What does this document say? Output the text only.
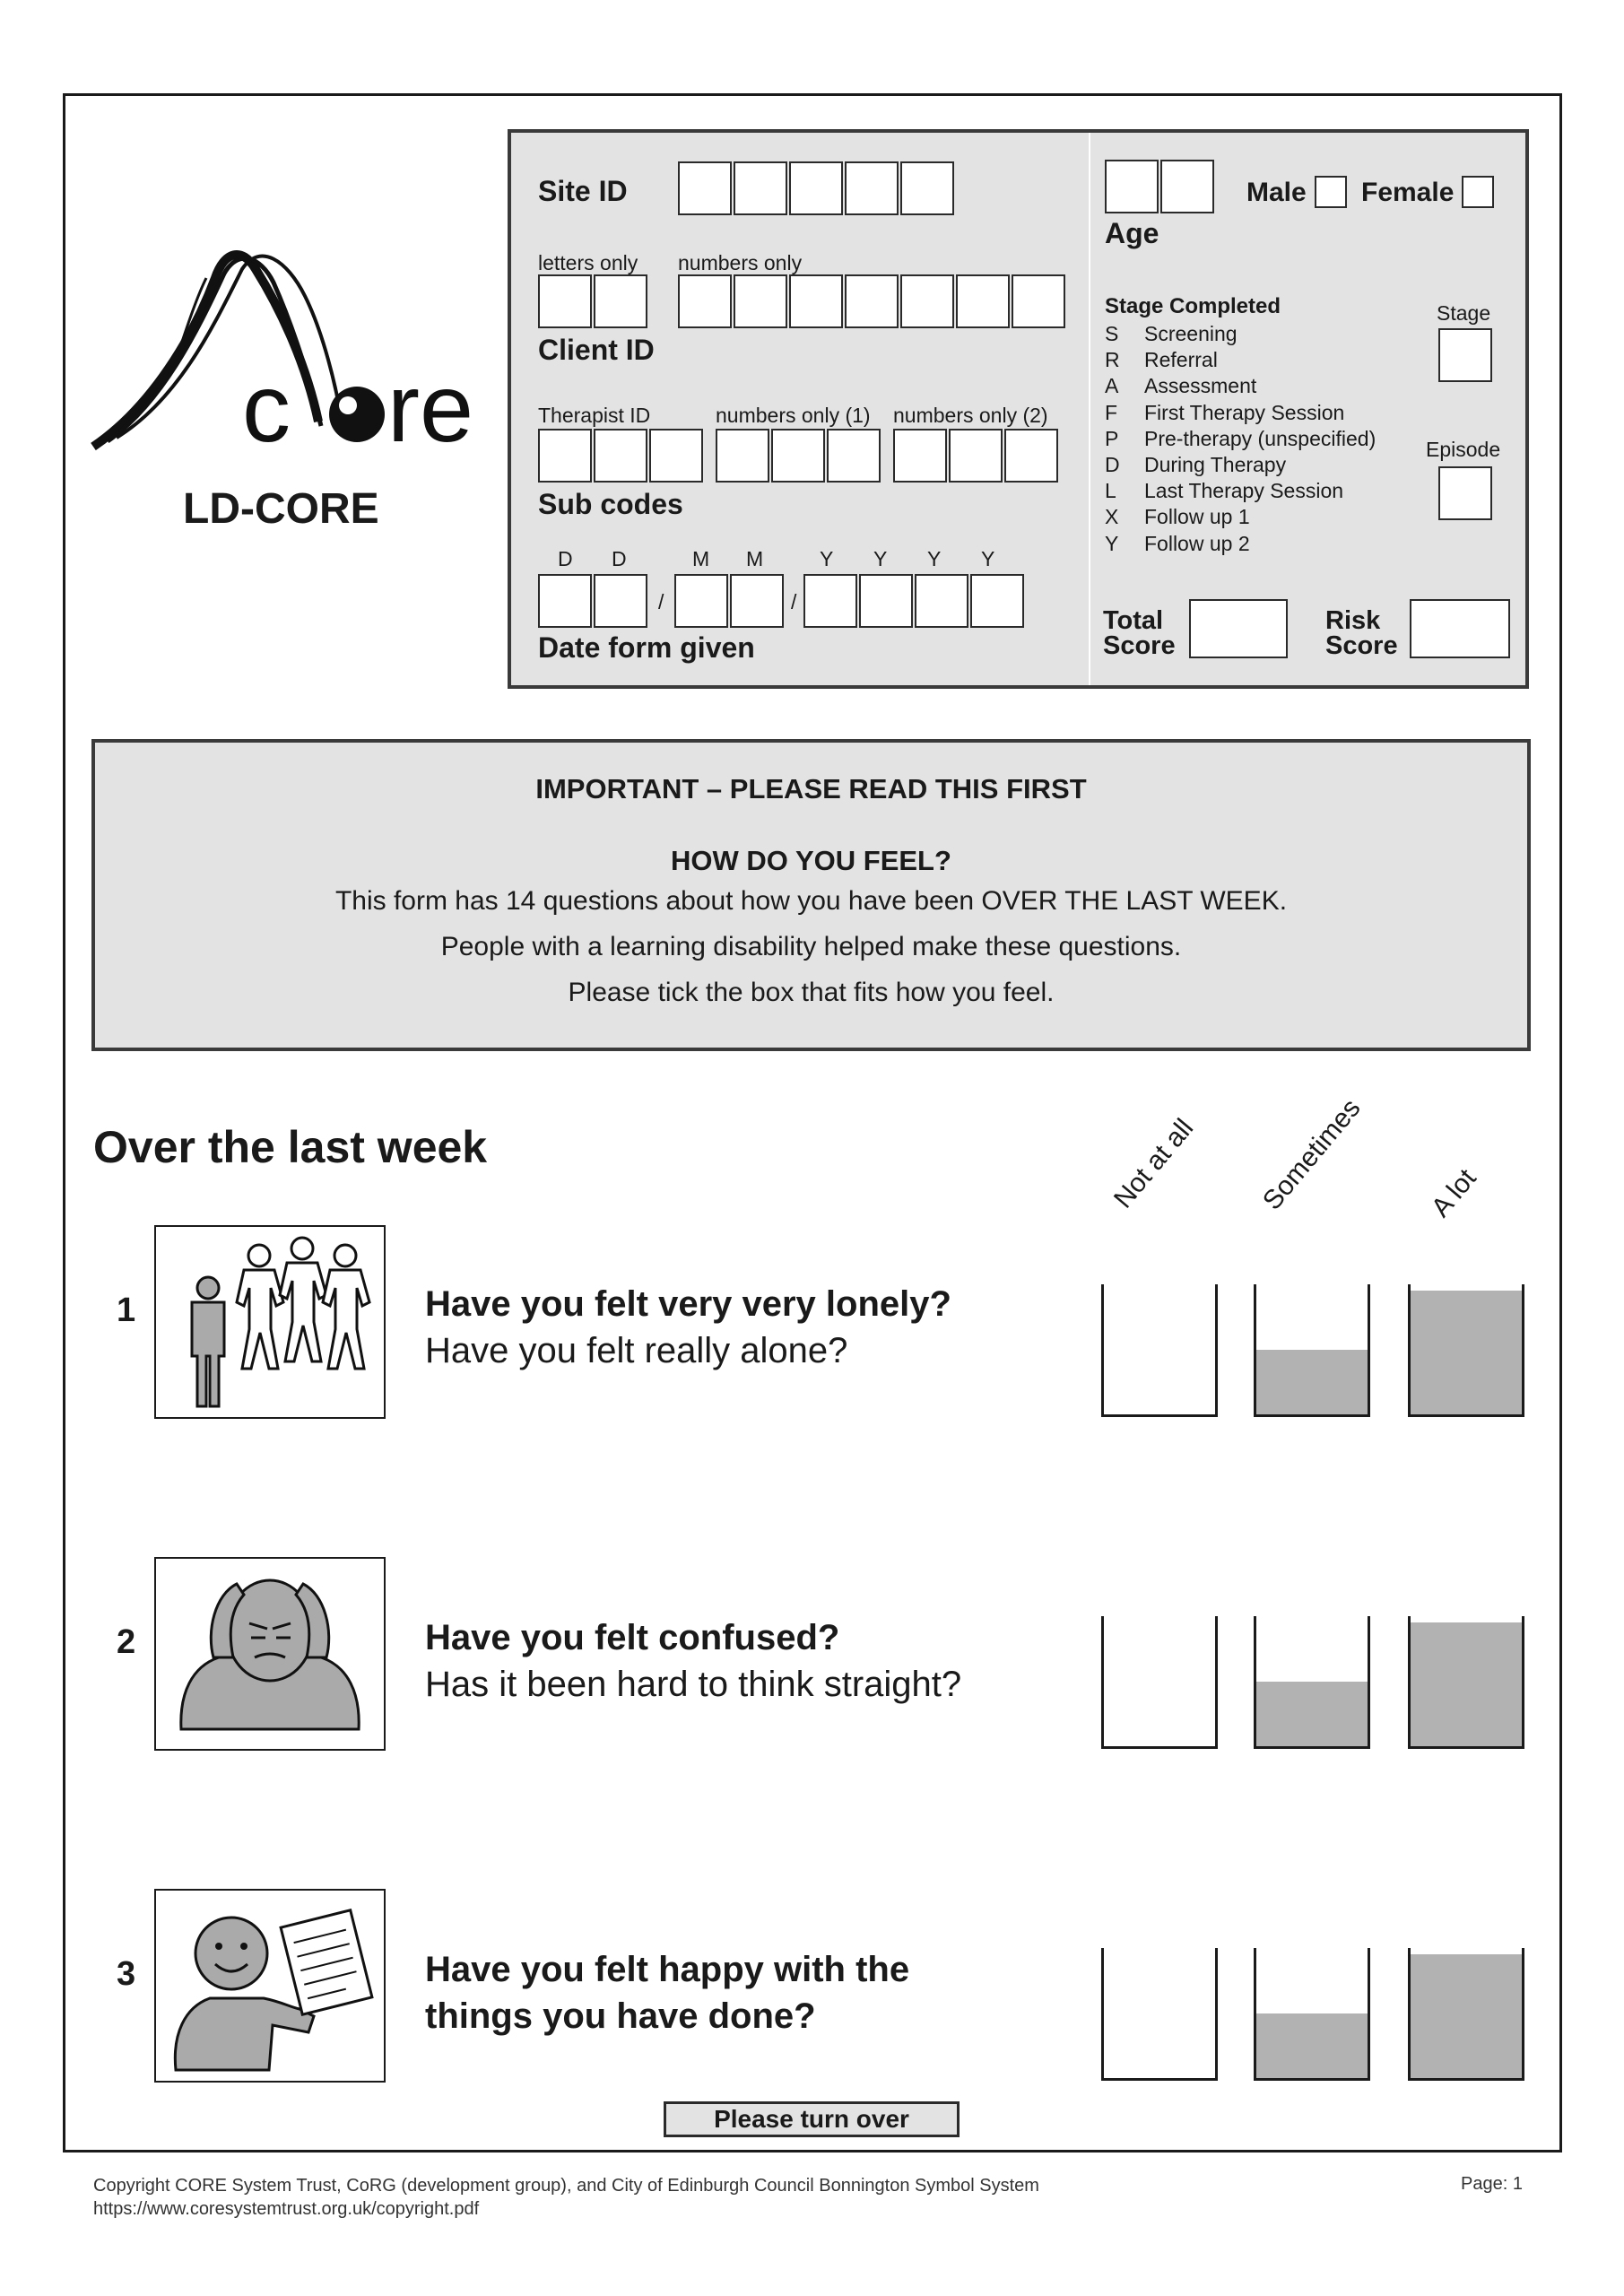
c re
LD-CORE
Site ID
letters only numbers only
Client ID
Therapist ID	numbers only (1) numbers only (2)
Sub codes
D D	M M	Y Y Y Y
/	/
Date form given
Age
Male Female
Stage Completed
S Screening
R Referral
A Assessment
F First Therapy Session
P Pre-therapy (unspecified)
D During Therapy
L Last Therapy Session
X Follow up 1
Y Follow up 2
Stage
Episode
Total
Score
Risk
Score
IMPORTANT – PLEASE READ THIS FIRST
HOW DO YOU FEEL?
This form has 14 questions about how you have been OVER THE LAST WEEK.
People with a learning disability helped make these questions.
Please tick the box that fits how you feel.
Over the last week	Not at all Sometimes A lot
1	Have you felt very very lonely?
Have you felt really alone?
2	Have you felt confused?
Has it been hard to think straight?
3	Have you felt happy with the
things you have done?
Please turn over
Copyright CORE System Trust, CoRG (development group), and City of Edinburgh Council Bonnington Symbol System
https://www.coresystemtrust.org.uk/copyright.pdf
Page: 1
